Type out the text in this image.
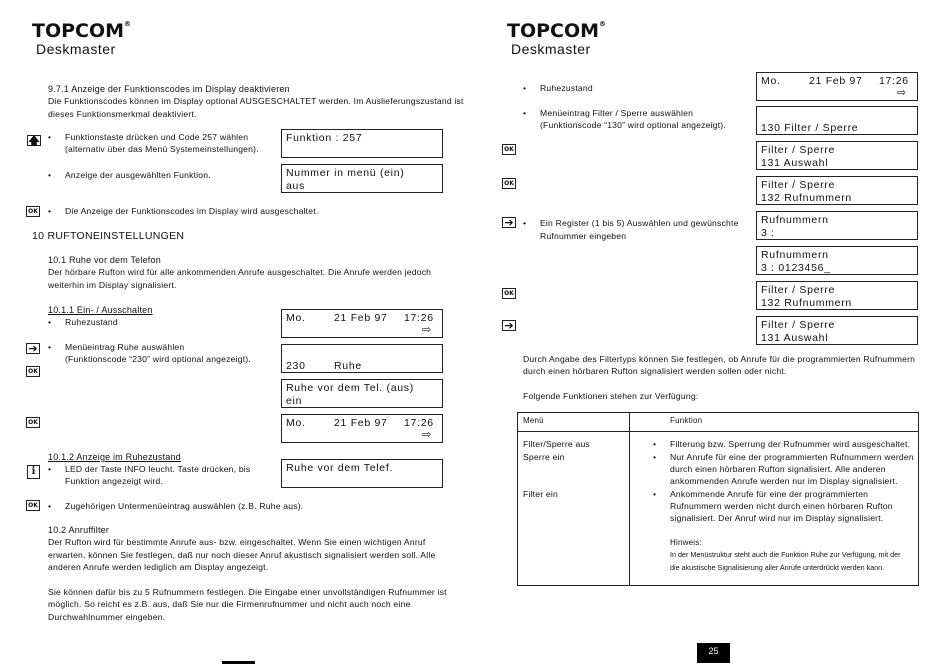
TOPCOM®
Deskmaster
9.7.1 Anzeige der Funktionscodes im Display deaktivieren
Die Funktionscodes können im Display optional AUSGESCHALTET werden. Im Auslieferungszustand ist
dieses Funktionsmerkmal deaktiviert.
🡅	• Funktionstaste drücken und Code 257 wählen
(alternativ über das Menü Systemeinstellungen).
Funktion : 257
• Anzeige der ausgewählten Funktion.	Nummer in menü (ein)
aus
OK	• Die Anzeige der Funktionscodes im Display wird ausgeschaltet.
10 RUFTONEINSTELLUNGEN
10.1 Ruhe vor dem Telefon
Der hörbare Rufton wird für alle ankommenden Anrufe ausgeschaltet. Die Anrufe werden jedoch
weiterhin im Display signalisiert.
10.1.1 Ein- / Ausschalten
• Ruhezustand	Mo.	21 Feb 97 17:26
⇨
➔
OK
• Menüeintrag Ruhe auswählen
(Funktionscode “230” wird optional angezeigt).
230	Ruhe
Ruhe vor dem Tel. (aus)
ein
OK	Mo.	21 Feb 97 17:26
⇨
10.1.2 Anzeige im Ruhezustand
i	• LED der Taste INFO leucht. Taste drücken, bis
Funktion angezeigt wird.
Ruhe vor dem Telef.
OK	• Zugehörigen Untermenüeintrag auswählen (z.B. Ruhe aus).
10.2 Anruffilter
Der Rufton wird für bestimmte Anrufe aus- bzw. eingeschaltet. Wenn Sie einen wichtigen Anruf
erwarten, können Sie festlegen, daß nur noch dieser Anruf akustisch signalisiert werden soll. Alle
anderen Anrufe werden lediglich am Display angezeigt.
Sie können dafür bis zu 5 Rufnummern festlegen. Die Eingabe einer unvollständigen Rufnummer ist
möglich. So reicht es z.B. aus, daß Sie nur die Firmenrufnummer und nicht auch noch eine
Durchwahlnummer eingeben.
TOPCOM®
Deskmaster
• Ruhezustand
Mo.	21 Feb 97 17:26
⇨
• Menüeintrag Filter / Sperre auswählen
(Funktionscode “130” wird optional angezeigt).
	130 Filter / Sperre
OK	Filter / Sperre
131 Auswahl
OK	Filter / Sperre
132 Rufnummern
➔	• Ein Register (1 bis 5) Auswählen und gewünschte
Rufnummer eingeben
Rufnummern
3 :
Rufnummern
3 : 0123456_
OK	Filter / Sperre
132 Rufnummern
➔	Filter / Sperre
131 Auswahl
Durch Angabe des Filtertyps können Sie festlegen, ob Anrufe für die programmierten Rufnummern
durch einen hörbaren Rufton signalisiert werden sollen oder nicht.
Folgende Funktionen stehen zur Verfügung:
Menü	Funktion
Filter/Sperre aus	• Filterung bzw. Sperrung der Rufnummer wird ausgeschaltet.
Sperre ein	• Nur Anrufe für eine der programmierten Rufnummern werden
durch einen hörbaren Rufton signalisiert. Alle anderen
ankommenden Anrufe werden nur im Display signalisiert.
Filter ein	• Ankommende Anrufe für eine der programmierten
Rufnummern werden nicht durch einen hörbaren Rufton
signalisiert. Der Anruf wird nur im Display signalisiert.
Hinweis:
In der Menüstruktur steht auch die Funktion Ruhe zur Verfügung, mit der
die akustische Signalisierung aller Anrufe unterdrückt werden kann.
25
